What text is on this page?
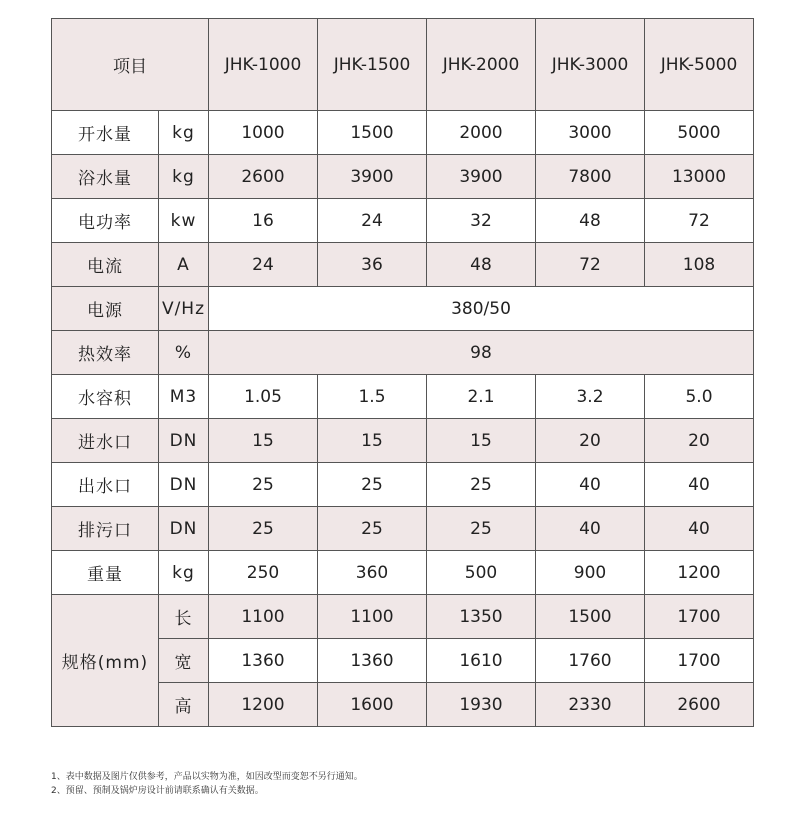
项目		JHK-1000	JHK-1500	JHK-2000	JHK-3000	JHK-5000
开水量	kg	1000	1500	2000	3000	5000
浴水量	kg	2600	3900	3900	7800	13000
电功率	kw	16	24	32	48	72
电流	A	24	36	48	72	108
电源	V/Hz	380/50				
热效率	%	98				
水容积	M3	1.05	1.5	2.1	3.2	5.0
进水口	DN	15	15	15	20	20
出水口	DN	25	25	25	40	40
排污口	DN	25	25	25	40	40
重量	kg	250	360	500	900	1200
规格(mm)	长	1100	1100	1350	1500	1700
	宽	1360	1360	1610	1760	1700
	高	1200	1600	1930	2330	2600
1、表中数据及图片仅供参考，产品以实物为准，如因改型而变恕不另行通知。
2、预留、预制及锅炉房设计前请联系确认有关数据。
